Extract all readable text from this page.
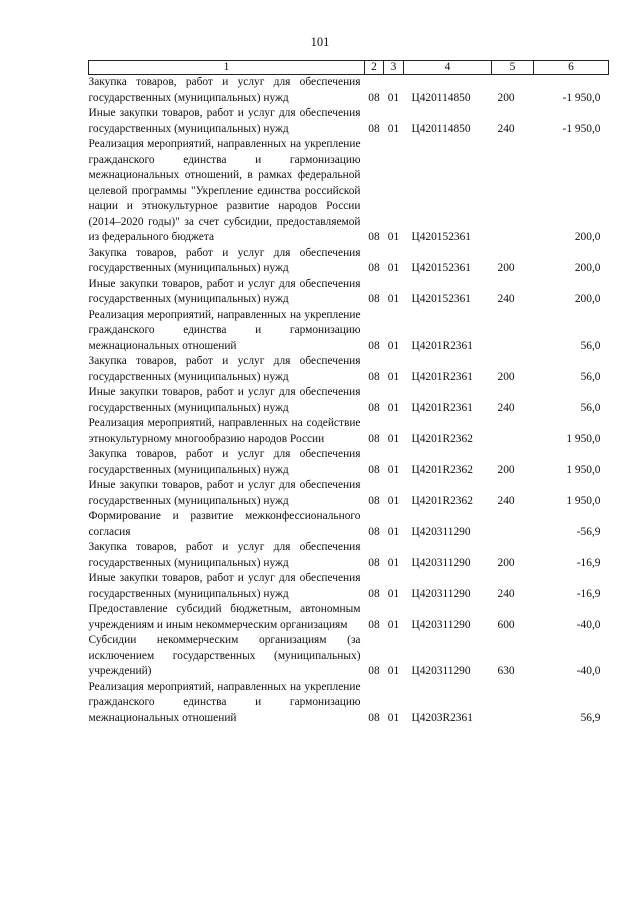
101
1	2	3	4	5	6
Закупка товаров, работ и услуг для обеспечения государственных (муниципальных) нужд	08	01	Ц420114850	200	-1 950,0
Иные закупки товаров, работ и услуг для обеспечения государственных (муниципальных) нужд	08	01	Ц420114850	240	-1 950,0
Реализация мероприятий, направленных на укрепление гражданского единства и гармонизацию межнациональных отношений, в рамках федеральной целевой программы "Укрепление единства российской нации и этнокультурное развитие народов России (2014–2020 годы)" за счет субсидии, предоставляемой из федерального бюджета	08	01	Ц420152361		200,0
Закупка товаров, работ и услуг для обеспечения государственных (муниципальных) нужд	08	01	Ц420152361	200	200,0
Иные закупки товаров, работ и услуг для обеспечения государственных (муниципальных) нужд	08	01	Ц420152361	240	200,0
Реализация мероприятий, направленных на укрепление гражданского единства и гармонизацию межнациональных отношений	08	01	Ц4201R2361		56,0
Закупка товаров, работ и услуг для обеспечения государственных (муниципальных) нужд	08	01	Ц4201R2361	200	56,0
Иные закупки товаров, работ и услуг для обеспечения государственных (муниципальных) нужд	08	01	Ц4201R2361	240	56,0
Реализация мероприятий, направленных на содействие этнокультурному многообразию народов России	08	01	Ц4201R2362		1 950,0
Закупка товаров, работ и услуг для обеспечения государственных (муниципальных) нужд	08	01	Ц4201R2362	200	1 950,0
Иные закупки товаров, работ и услуг для обеспечения государственных (муниципальных) нужд	08	01	Ц4201R2362	240	1 950,0
Формирование и развитие межконфессионального согласия	08	01	Ц420311290		-56,9
Закупка товаров, работ и услуг для обеспечения государственных (муниципальных) нужд	08	01	Ц420311290	200	-16,9
Иные закупки товаров, работ и услуг для обеспечения государственных (муниципальных) нужд	08	01	Ц420311290	240	-16,9
Предоставление субсидий бюджетным, автономным учреждениям и иным некоммерческим организациям	08	01	Ц420311290	600	-40,0
Субсидии некоммерческим организациям (за исключением государственных (муниципальных) учреждений)	08	01	Ц420311290	630	-40,0
Реализация мероприятий, направленных на укрепление гражданского единства и гармонизацию межнациональных отношений	08	01	Ц4203R2361		56,9
